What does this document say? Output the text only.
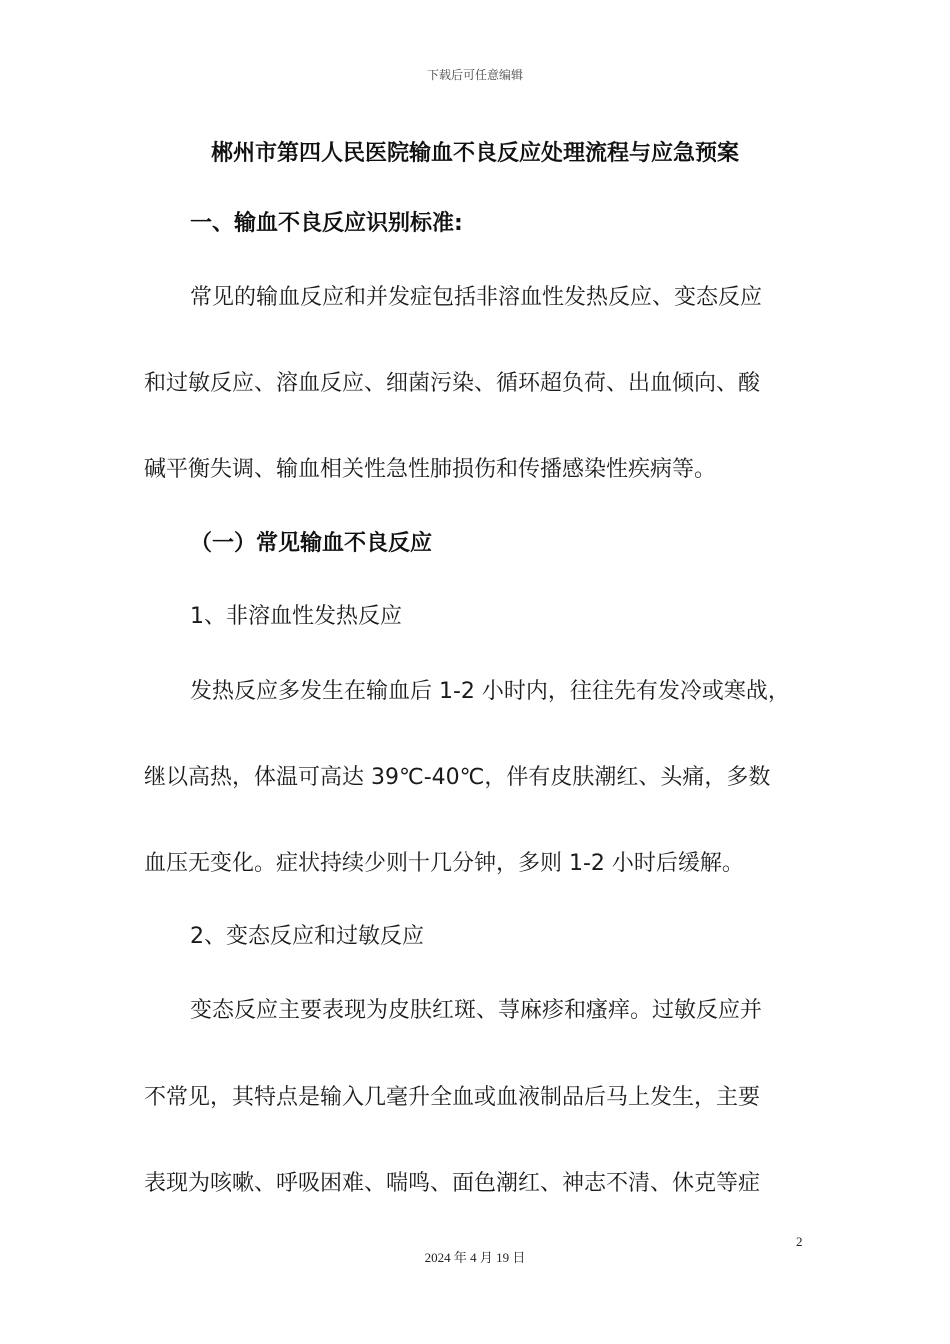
下载后可任意编辑
郴州市第四人民医院输血不良反应处理流程与应急预案
一、输血不良反应识别标准:
常见的输血反应和并发症包括非溶血性发热反应、变态反应
和过敏反应、溶血反应、细菌污染、循环超负荷、出血倾向、酸
碱平衡失调、输血相关性急性肺损伤和传播感染性疾病等。
（一）常见输血不良反应
1、非溶血性发热反应
发热反应多发生在输血后 1-2 小时内，往往先有发冷或寒战，
继以高热，体温可高达 39℃-40℃，伴有皮肤潮红、头痛，多数
血压无变化。症状持续少则十几分钟，多则 1-2 小时后缓解。
2、变态反应和过敏反应
变态反应主要表现为皮肤红斑、荨麻疹和瘙痒。过敏反应并
不常见，其特点是输入几毫升全血或血液制品后马上发生，主要
表现为咳嗽、呼吸困难、喘鸣、面色潮红、神志不清、休克等症
2
2024 年 4 月 19 日
